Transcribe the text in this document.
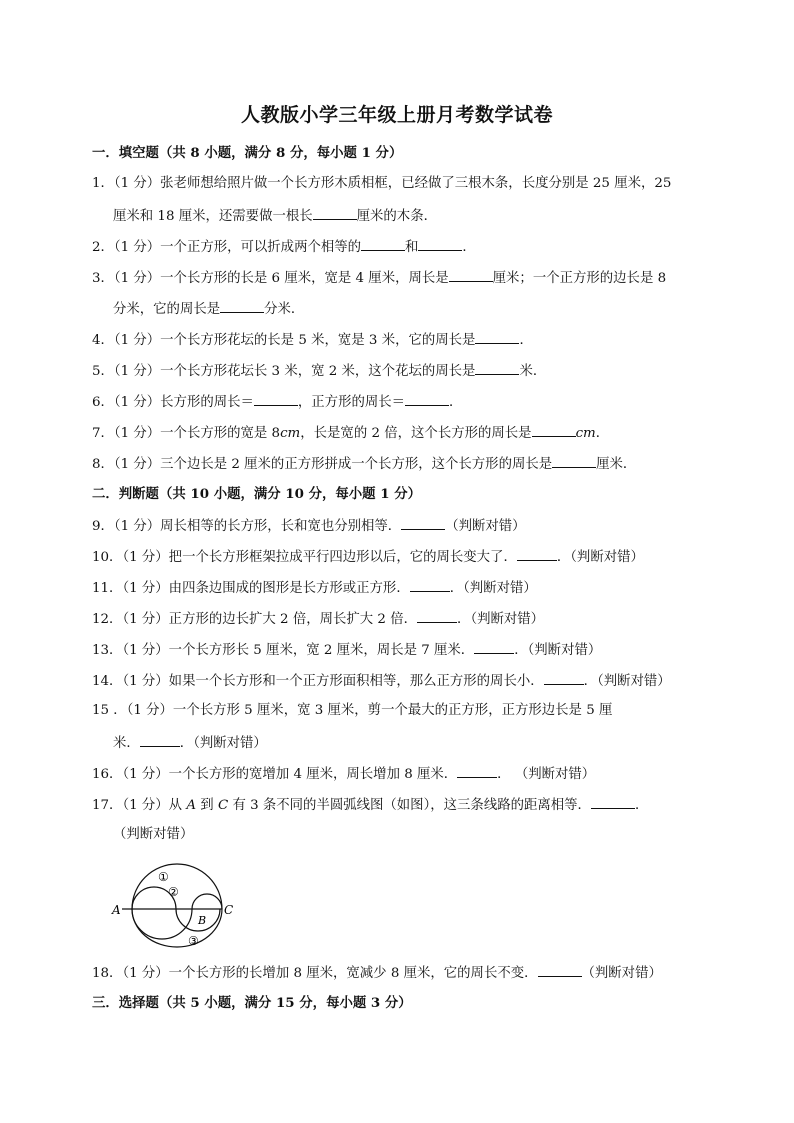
人教版小学三年级上册月考数学试卷
一．填空题（共 8 小题，满分 8 分，每小题 1 分）
1．（1 分）张老师想给照片做一个长方形木质相框，已经做了三根木条，长度分别是 25 厘米，25
厘米和 18 厘米，还需要做一根长	厘米的木条．
2．（1 分）一个正方形，可以折成两个相等的	和	．
3．（1 分）一个长方形的长是 6 厘米，宽是 4 厘米，周长是	厘米；一个正方形的边长是 8
分米，它的周长是	分米．
4．（1 分）一个长方形花坛的长是 5 米，宽是 3 米，它的周长是	．
5．（1 分）一个长方形花坛长 3 米，宽 2 米，这个花坛的周长是	米．
6．（1 分）长方形的周长＝	，正方形的周长＝	．
7．（1 分）一个长方形的宽是 8cm，长是宽的 2 倍，这个长方形的周长是	cm．
8．（1 分）三个边长是 2 厘米的正方形拼成一个长方形，这个长方形的周长是	厘米．
二．判断题（共 10 小题，满分 10 分，每小题 1 分）
9．（1 分）周长相等的长方形，长和宽也分别相等．	（判断对错）
10．（1 分）把一个长方形框架拉成平行四边形以后，它的周长变大了．	．（判断对错）
11．（1 分）由四条边围成的图形是长方形或正方形．	．（判断对错）
12．（1 分）正方形的边长扩大 2 倍，周长扩大 2 倍．	．（判断对错）
13．（1 分）一个长方形长 5 厘米，宽 2 厘米，周长是 7 厘米．	．（判断对错）
14．（1 分）如果一个长方形和一个正方形面积相等，那么正方形的周长小．	．（判断对错）
15 ．（1 分）一个长方形 5 厘米，宽 3 厘米，剪一个最大的正方形，正方形边长是 5 厘
米．	．（判断对错）
16．（1 分）一个长方形的宽增加 4 厘米，周长增加 8 厘米．	． （判断对错）
17．（1 分）从 A 到 C 有 3 条不同的半圆弧线图（如图），这三条线路的距离相等．	．
（判断对错）
A
B
C
①
②
③
18．（1 分）一个长方形的长增加 8 厘米，宽减少 8 厘米，它的周长不变．	（判断对错）
三．选择题（共 5 小题，满分 15 分，每小题 3 分）
